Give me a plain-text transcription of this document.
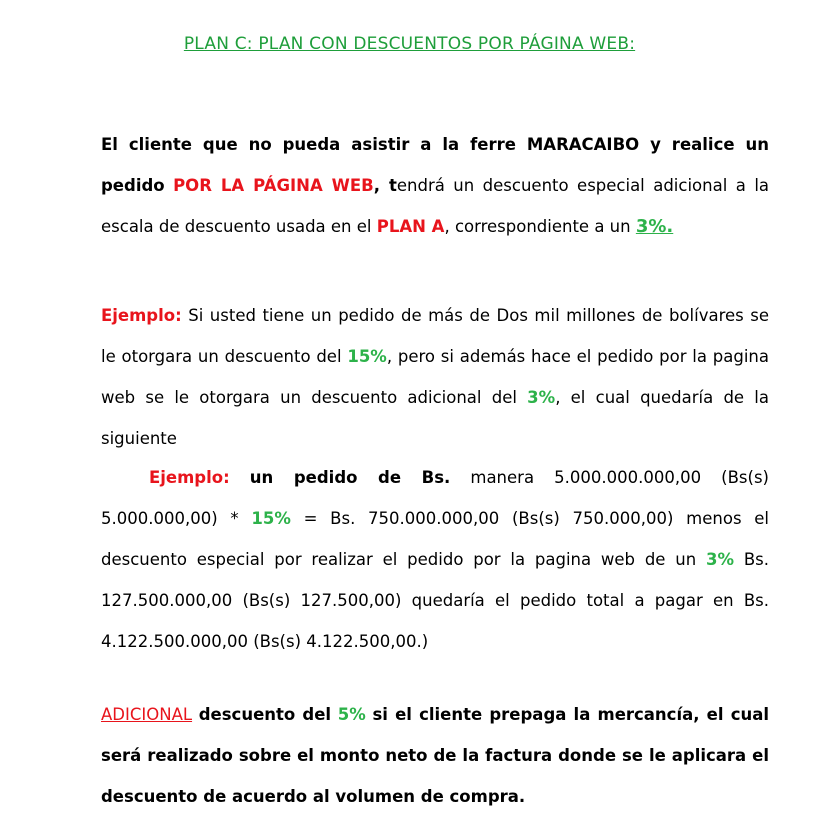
PLAN C: PLAN CON DESCUENTOS POR PÁGINA WEB:

El cliente que no pueda asistir a la ferre MARACAIBO y realice un pedido POR LA PÁGINA WEB, tendrá un descuento especial adicional a la escala de descuento usada en el PLAN A, correspondiente a un 3%.

Ejemplo: Si usted tiene un pedido de más de Dos mil millones de bolívares se le otorgara un descuento del 15%, pero si además hace el pedido por la pagina web se le otorgara un descuento adicional del 3%, el cual quedaría de la siguiente

Ejemplo: un pedido de Bs. manera 5.000.000.000,00 (Bs(s) 5.000.000,00) * 15% = Bs. 750.000.000,00 (Bs(s) 750.000,00) menos el descuento especial por realizar el pedido por la pagina web de un 3% Bs. 127.500.000,00 (Bs(s) 127.500,00) quedaría el pedido total a pagar en Bs. 4.122.500.000,00 (Bs(s) 4.122.500,00.)

ADICIONAL descuento del 5% si el cliente prepaga la mercancía, el cual será realizado sobre el monto neto de la factura donde se le aplicara el descuento de acuerdo al volumen de compra.
